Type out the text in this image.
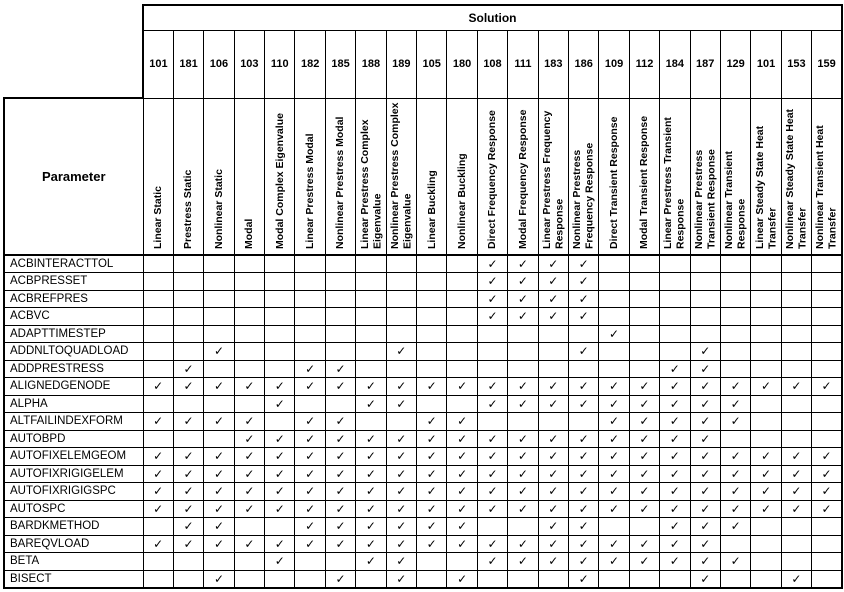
	Solution																						
	101	181	106	103	110	182	185	188	189	105	180	108	111	183	186	109	112	184	187	129	101	153	159
Parameter	Linear Static	Prestress Static	Nonlinear Static	Modal	Modal Complex Eigenvalue	Linear Prestress Modal	Nonlinear Prestress Modal	Linear Prestress Complex Eigenvalue	Nonlinear Prestress Complex Eigenvalue	Linear Buckling	Nonlinear Buckling	Direct Frequency Response	Modal Frequency Response	Linear Prestress Frequency Response	Nonlinear Prestress Frequency Response	Direct Transient Response	Modal Transient Response	Linear Prestress Transient Response	Nonlinear Prestress Transient Response	Nonlinear Transient Response	Linear Steady State Heat Transfer	Nonlinear Steady State Heat Transfer	Nonlinear Transient Heat Transfer

ACBINTERACTTOL												✓	✓	✓	✓								
ACBPRESSET												✓	✓	✓	✓								
ACBREFPRES												✓	✓	✓	✓								
ACBVC												✓	✓	✓	✓								
ADAPTTIMESTEP																✓							
ADDNLTOQUADLOAD			✓						✓						✓				✓				
ADDPRESTRESS		✓				✓	✓											✓	✓				
ALIGNEDGENODE	✓	✓	✓	✓	✓	✓	✓	✓	✓	✓	✓	✓	✓	✓	✓	✓	✓	✓	✓	✓	✓	✓	✓
ALPHA					✓			✓	✓			✓	✓	✓	✓	✓	✓	✓	✓	✓			
ALTFAILINDEXFORM	✓	✓	✓	✓		✓	✓			✓	✓					✓	✓	✓	✓	✓			
AUTOBPD				✓	✓	✓	✓	✓	✓	✓	✓	✓	✓	✓	✓	✓	✓	✓	✓				
AUTOFIXELEMGEOM	✓	✓	✓	✓	✓	✓	✓	✓	✓	✓	✓	✓	✓	✓	✓	✓	✓	✓	✓	✓	✓	✓	✓
AUTOFIXRIGIGELEM	✓	✓	✓	✓	✓	✓	✓	✓	✓	✓	✓	✓	✓	✓	✓	✓	✓	✓	✓	✓	✓	✓	✓
AUTOFIXRIGIGSPC	✓	✓	✓	✓	✓	✓	✓	✓	✓	✓	✓	✓	✓	✓	✓	✓	✓	✓	✓	✓	✓	✓	✓
AUTOSPC	✓	✓	✓	✓	✓	✓	✓	✓	✓	✓	✓	✓	✓	✓	✓	✓	✓	✓	✓	✓	✓	✓	✓
BARDKMETHOD		✓	✓			✓	✓	✓	✓	✓	✓			✓	✓			✓	✓	✓			
BAREQVLOAD	✓	✓	✓	✓	✓	✓	✓	✓	✓	✓	✓	✓	✓	✓	✓	✓	✓	✓	✓				
BETA					✓			✓	✓			✓	✓	✓	✓	✓	✓	✓	✓	✓			
BISECT			✓				✓		✓		✓				✓				✓			✓	
